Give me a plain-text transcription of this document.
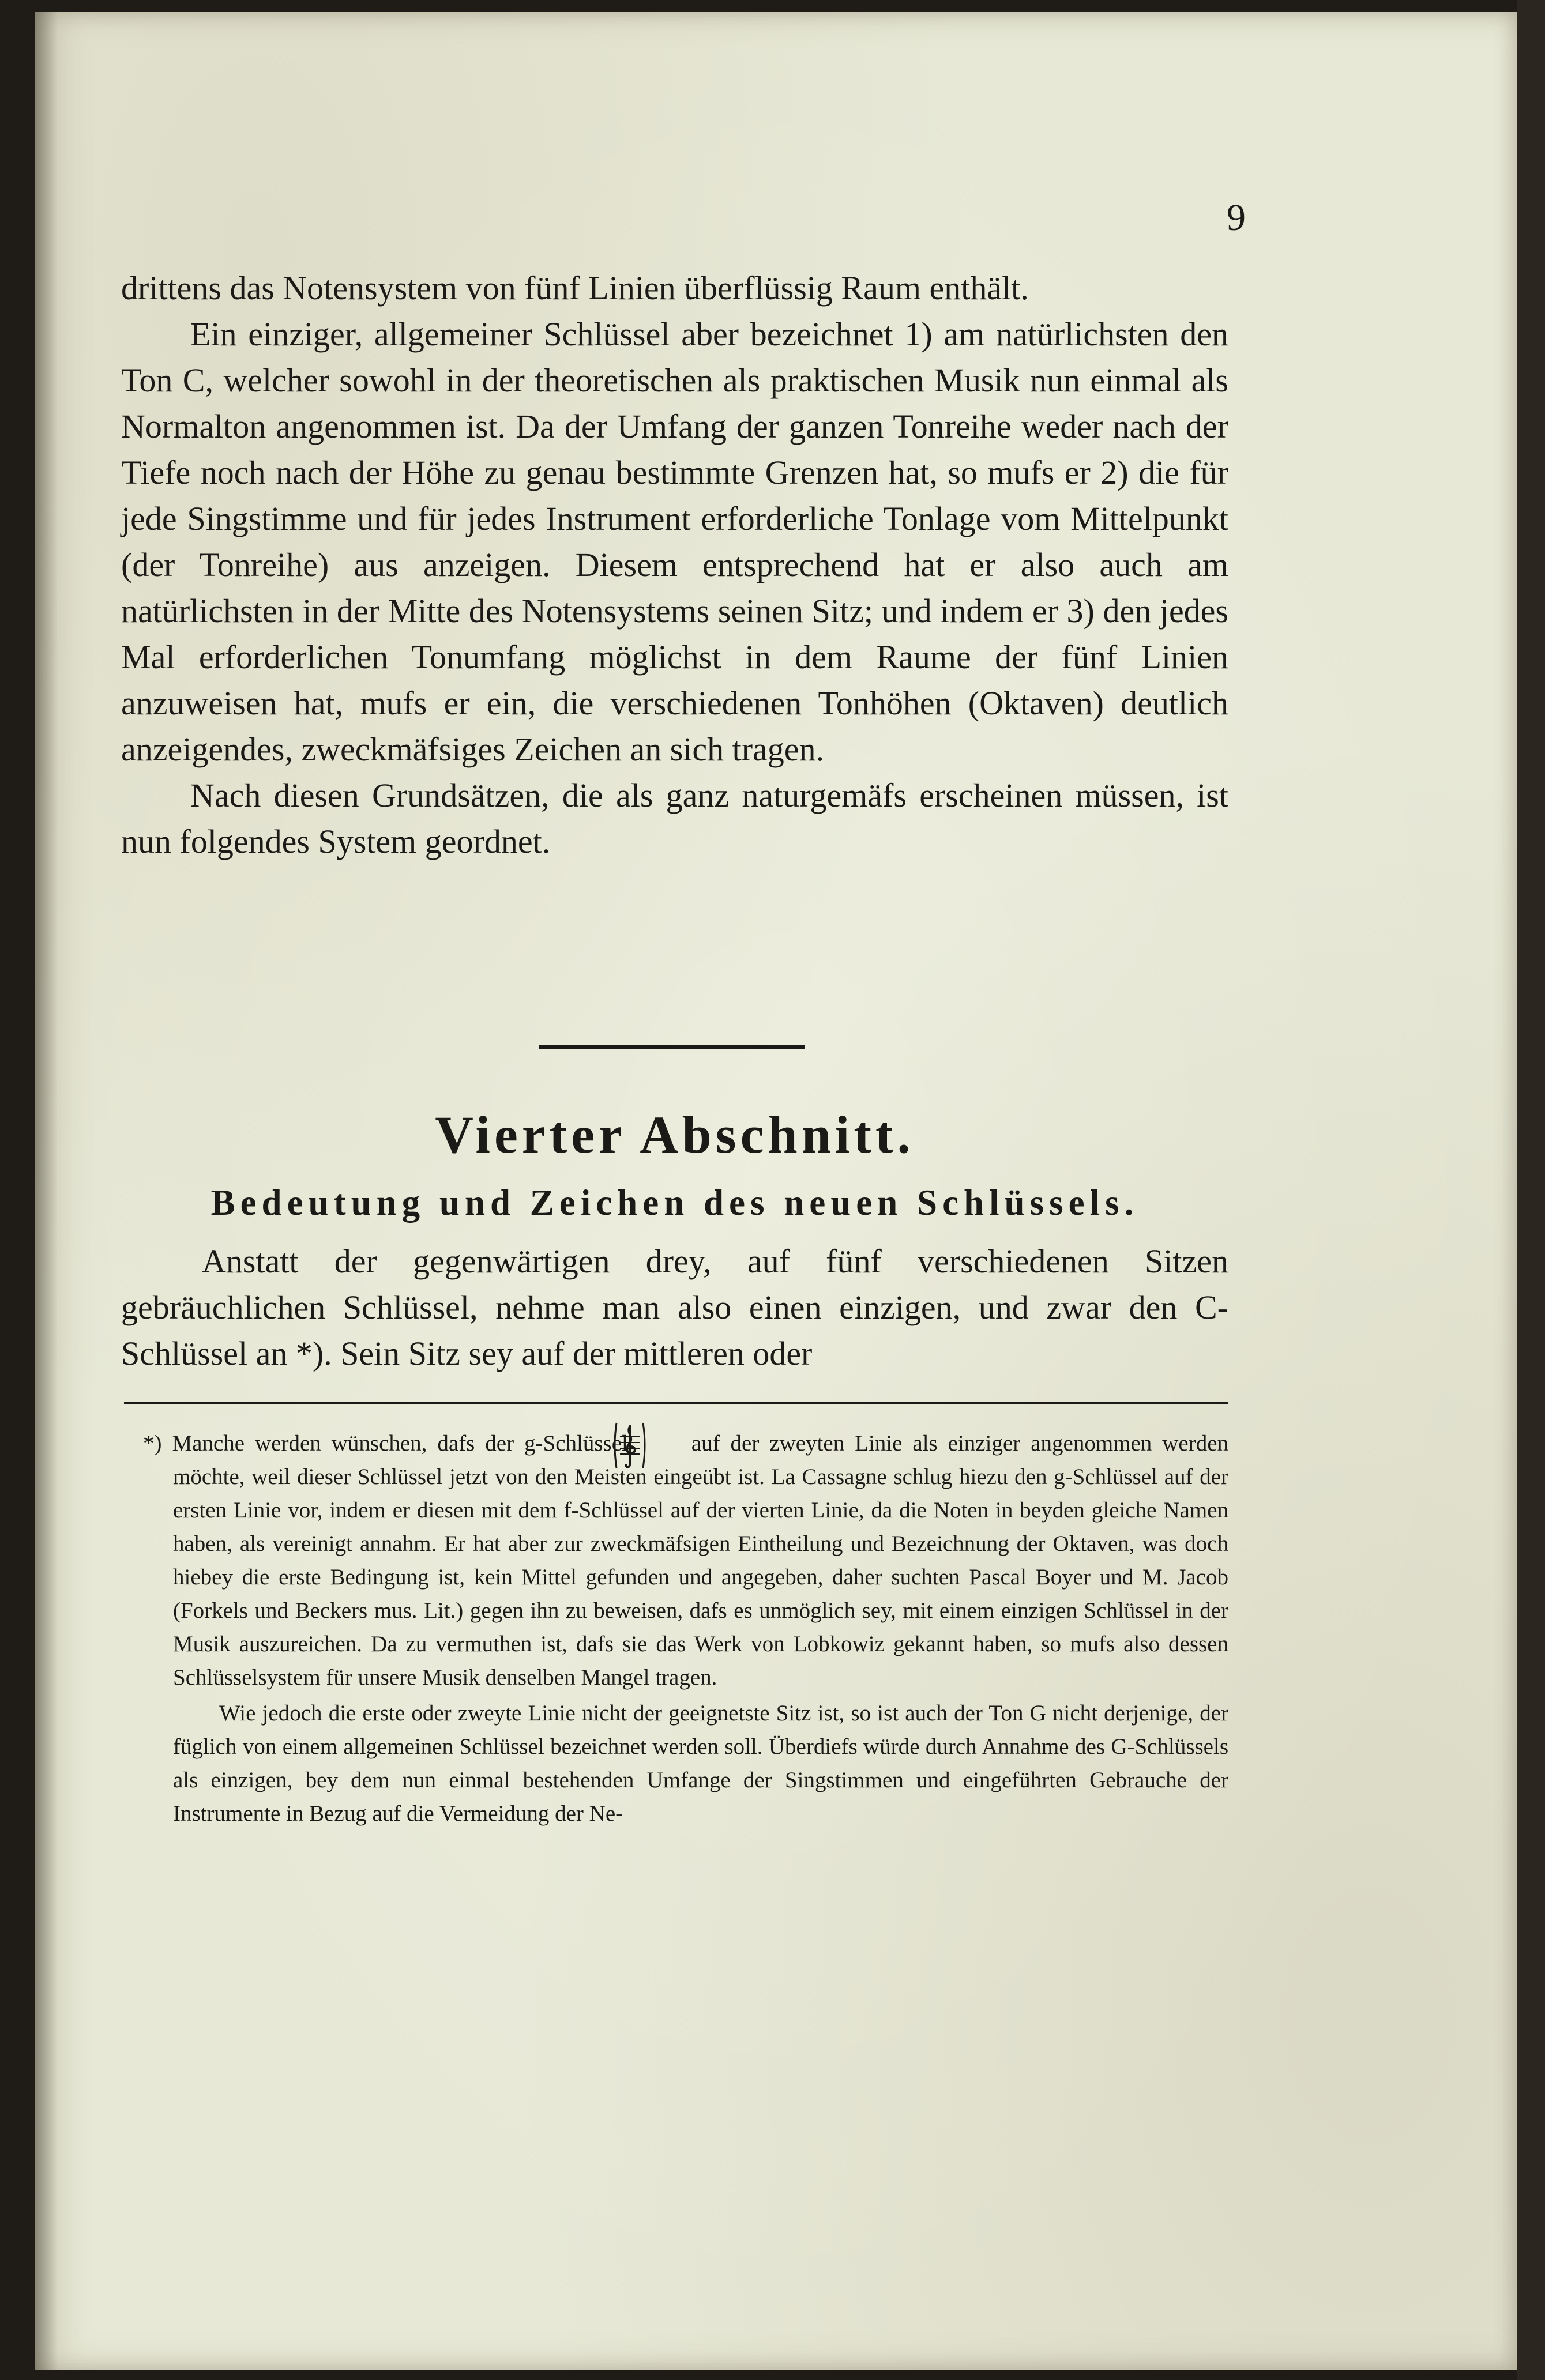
9

drittens das Notensystem von fünf Linien überflüssig Raum enthält.

Ein einziger, allgemeiner Schlüssel aber bezeichnet 1) am natürlichsten den Ton C, welcher sowohl in der theoretischen als praktischen Musik nun einmal als Normalton angenommen ist. Da der Umfang der ganzen Tonreihe weder nach der Tiefe noch nach der Höhe zu genau bestimmte Grenzen hat, so mufs er 2) die für jede Singstimme und für jedes Instrument erforderliche Tonlage vom Mittelpunkt (der Tonreihe) aus anzeigen. Diesem entsprechend hat er also auch am natürlichsten in der Mitte des Notensystems seinen Sitz; und indem er 3) den jedes Mal erforderlichen Tonumfang möglichst in dem Raume der fünf Linien anzuweisen hat, mufs er ein, die verschiedenen Tonhöhen (Oktaven) deutlich anzeigendes, zweckmäfsiges Zeichen an sich tragen.

Nach diesen Grundsätzen, die als ganz naturgemäfs erscheinen müssen, ist nun folgendes System geordnet.

Vierter Abschnitt.
Bedeutung und Zeichen des neuen Schlüssels.

Anstatt der gegenwärtigen drey, auf fünf verschiedenen Sitzen gebräuchlichen Schlüssel, nehme man also einen einzigen, und zwar den C-Schlüssel an *). Sein Sitz sey auf der mittleren oder

*) Manche werden wünschen, dafs der g-Schlüssel	auf der zweyten Linie als einziger angenommen werden möchte, weil dieser Schlüssel jetzt von den Meisten eingeübt ist. La Cassagne schlug hiezu den g-Schlüssel auf der ersten Linie vor, indem er diesen mit dem f-Schlüssel auf der vierten Linie, da die Noten in beyden gleiche Namen haben, als vereinigt annahm. Er hat aber zur zweckmäfsigen Eintheilung und Bezeichnung der Oktaven, was doch hiebey die erste Bedingung ist, kein Mittel gefunden und angegeben, daher suchten Pascal Boyer und M. Jacob (Forkels und Beckers mus. Lit.) gegen ihn zu beweisen, dafs es unmöglich sey, mit einem einzigen Schlüssel in der Musik auszureichen. Da zu vermuthen ist, dafs sie das Werk von Lobkowiz gekannt haben, so mufs also dessen Schlüsselsystem für unsere Musik denselben Mangel tragen.

Wie jedoch die erste oder zweyte Linie nicht der geeignetste Sitz ist, so ist auch der Ton G nicht derjenige, der füglich von einem allgemeinen Schlüssel bezeichnet werden soll. Überdiefs würde durch Annahme des G-Schlüssels als einzigen, bey dem nun einmal bestehenden Umfange der Singstimmen und eingeführten Gebrauche der Instrumente in Bezug auf die Vermeidung der Ne-
